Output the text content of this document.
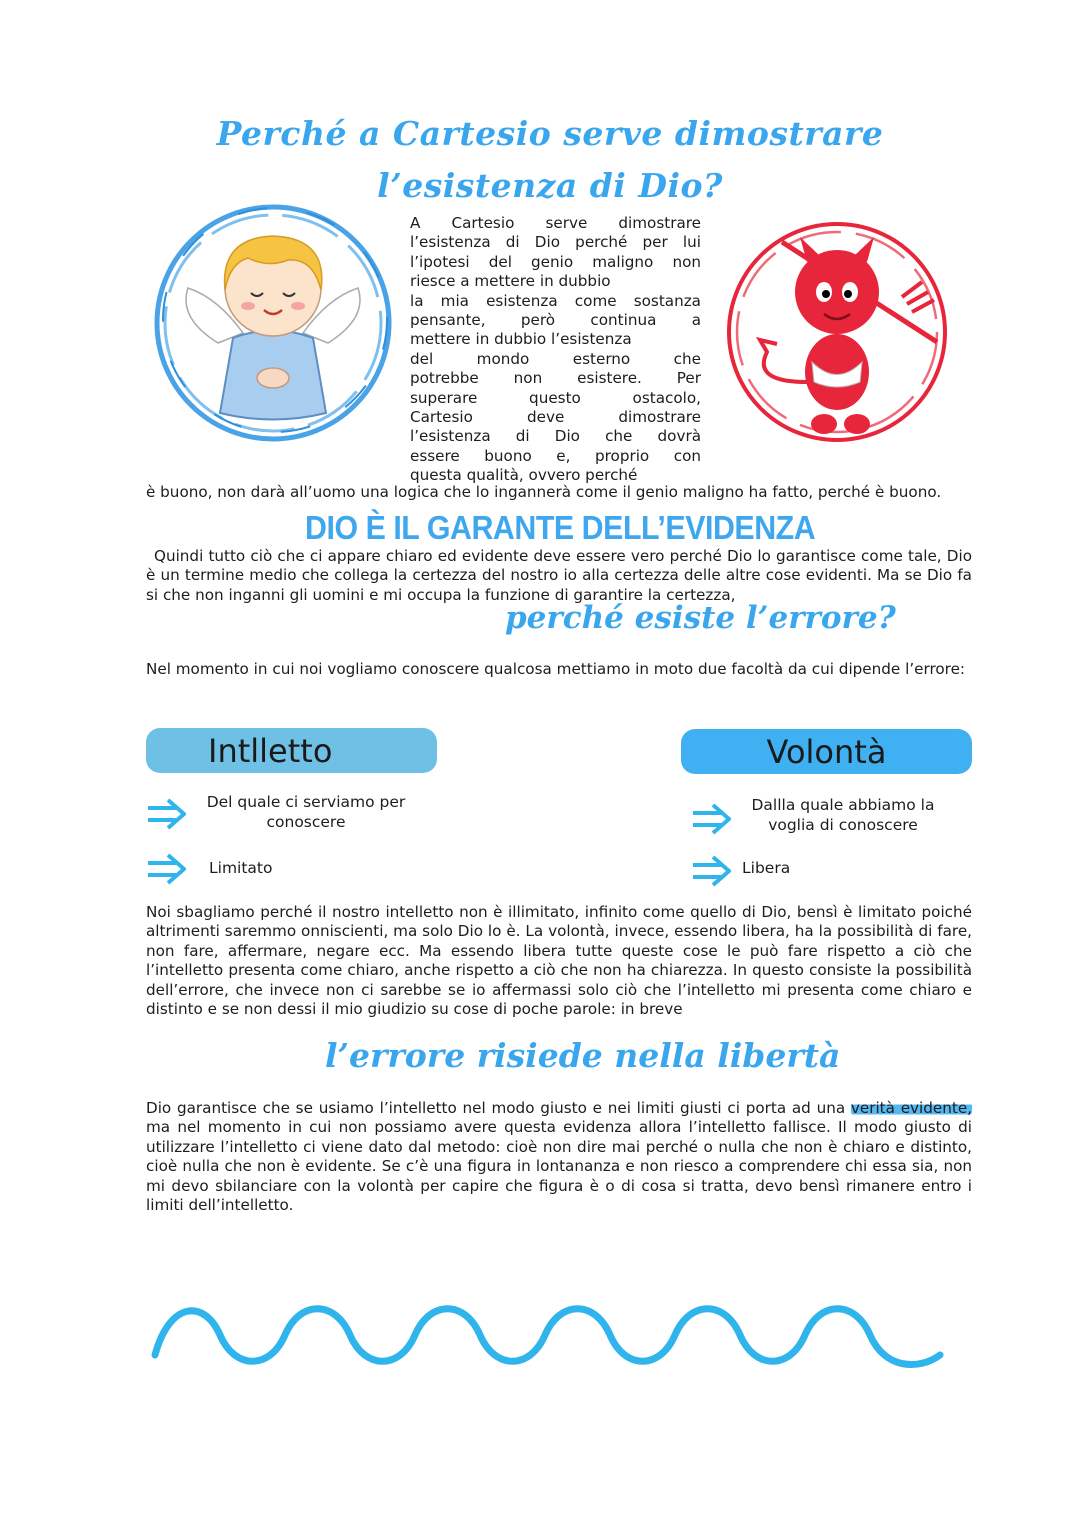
Perché a Cartesio serve dimostrare l’esistenza di Dio?
A Cartesio serve dimostrare
l’esistenza di Dio perché per lui
l’ipotesi del genio maligno non
riesce a mettere in dubbio
la mia esistenza come sostanza
pensante, però continua a
mettere in dubbio l’esistenza
del mondo esterno che
potrebbe non esistere. Per
superare questo ostacolo,
Cartesio deve dimostrare
l’esistenza di Dio che dovrà
essere buono e, proprio con
questa qualità, ovvero perché
è buono, non darà all’uomo una logica che lo ingannerà come il genio maligno ha fatto, perché è buono.
DIO È IL GARANTE DELL’EVIDENZA
Quindi tutto ciò che ci appare chiaro ed evidente deve essere vero perché Dio lo garantisce come tale, Dio è un termine medio che collega la certezza del nostro io alla certezza delle altre cose evidenti. Ma se Dio fa si che non inganni gli uomini e mi occupa la funzione di garantire la certezza,
perché esiste l’errore?
Nel momento in cui noi vogliamo conoscere qualcosa mettiamo in moto due facoltà da cui dipende l’errore:
Intlletto	Volontà
Del quale ci serviamo per conoscere
Limitato
Dallla quale abbiamo la voglia di conoscere
Libera
Noi sbagliamo perché il nostro intelletto non è illimitato, infinito come quello di Dio, bensì è limitato poiché altrimenti saremmo onniscienti, ma solo Dio lo è. La volontà, invece, essendo libera, ha la possibilità di fare, non fare, affermare, negare ecc. Ma essendo libera tutte queste cose le può fare rispetto a ciò che l’intelletto presenta come chiaro, anche rispetto a ciò che non ha chiarezza. In questo consiste la possibilità dell’errore, che invece non ci sarebbe se io affermassi solo ciò che l’intelletto mi presenta come chiaro e distinto e se non dessi il mio giudizio su cose di poche parole: in breve
l’errore risiede nella libertà
Dio garantisce che se usiamo l’intelletto nel modo giusto e nei limiti giusti ci porta ad una verità evidente, ma nel momento in cui non possiamo avere questa evidenza allora l’intelletto fallisce. Il modo giusto di utilizzare l’intelletto ci viene dato dal metodo: cioè non dire mai perché o nulla che non è chiaro e distinto, cioè nulla che non è evidente. Se c’è una figura in lontananza e non riesco a comprendere chi essa sia, non mi devo sbilanciare con la volontà per capire che figura è o di cosa si tratta, devo bensì rimanere entro i limiti dell’intelletto.
